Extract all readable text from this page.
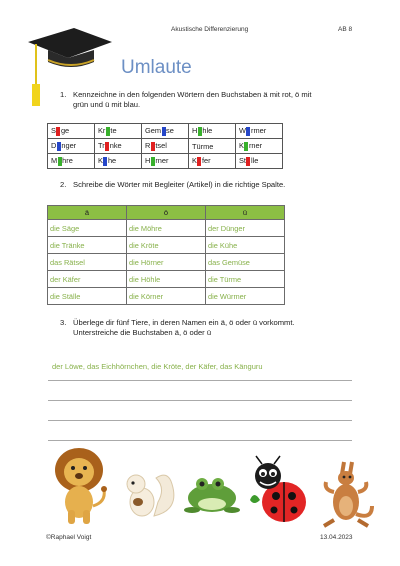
Akustische Differenzierung	AB 8
Umlaute
1. Kennzeichne in den folgenden Wörtern den Buchstaben ä mit rot, ö mit grün und ü mit blau.
S ge	Kr te	Gem se	H hle	W rmer
D nger	Tr nke	R tsel	Türme	K rner
M hre	K he	H rner	K fer	St lle
2. Schreibe die Wörter mit Begleiter (Artikel) in die richtige Spalte.
ä	ö	ü
die Säge	die Möhre	der Dünger
die Tränke	die Kröte	die Kühe
das Rätsel	die Hörner	das Gemüse
der Käfer	die Höhle	die Türme
die Ställe	die Körner	die Würmer
3. Überlege dir fünf Tiere, in deren Namen ein ä, ö oder ü vorkommt.
Unterstreiche die Buchstaben ä, ö oder ü
der Löwe, das Eichhörnchen, die Kröte, der Käfer, das Känguru
©Raphael Voigt	13.04.2023
